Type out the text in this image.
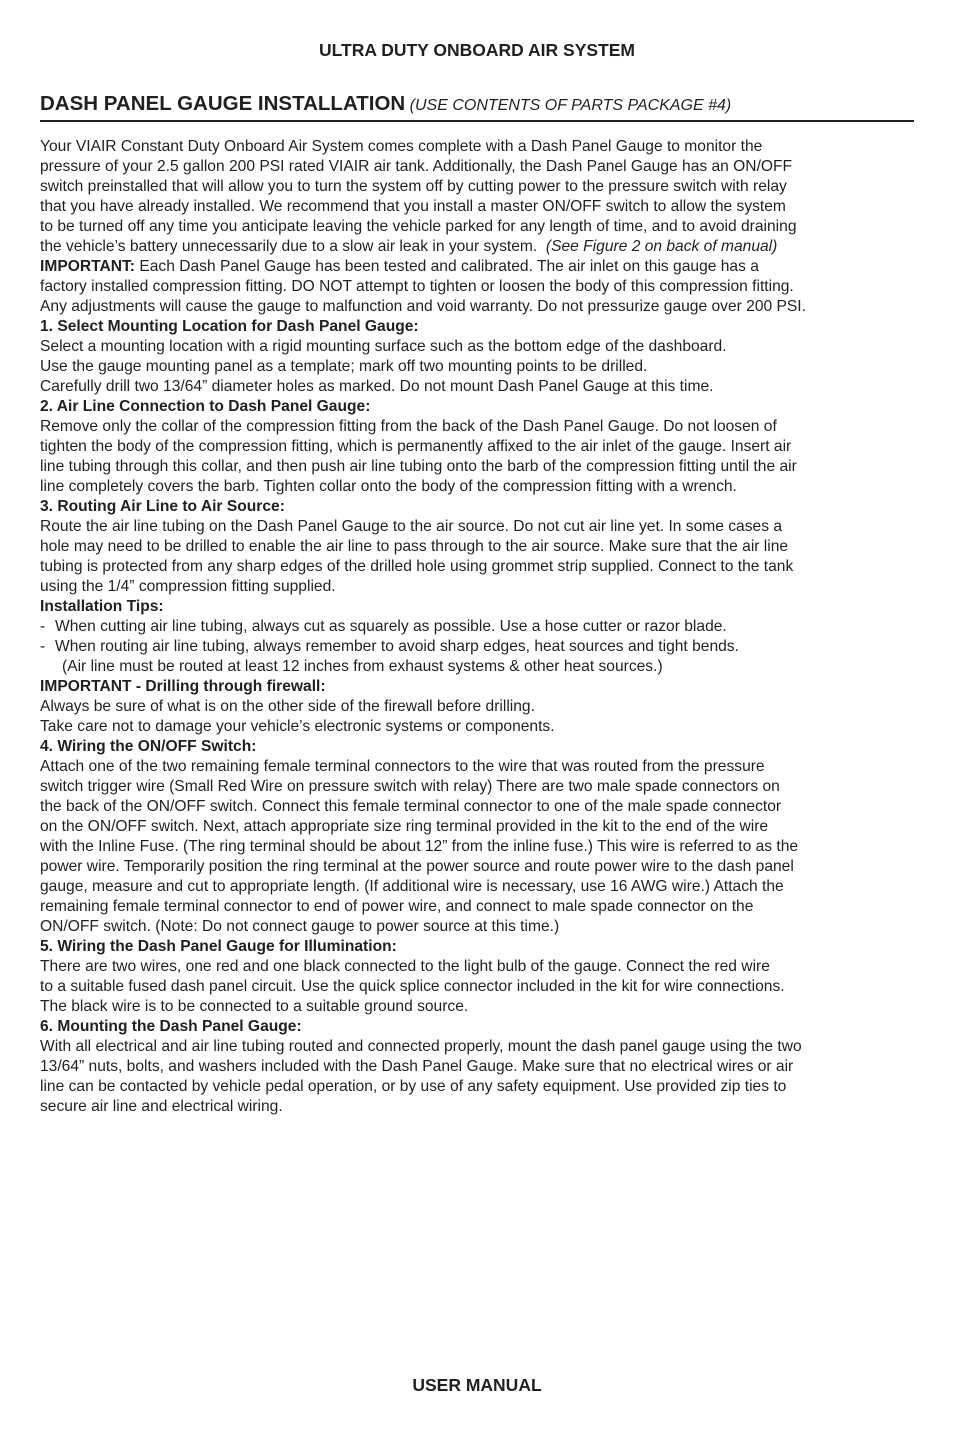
ULTRA DUTY ONBOARD AIR SYSTEM
DASH PANEL GAUGE INSTALLATION (USE CONTENTS OF PARTS PACKAGE #4)

Your VIAIR Constant Duty Onboard Air System comes complete with a Dash Panel Gauge to monitor the
pressure of your 2.5 gallon 200 PSI rated VIAIR air tank. Additionally, the Dash Panel Gauge has an ON/OFF
switch preinstalled that will allow you to turn the system off by cutting power to the pressure switch with relay
that you have already installed. We recommend that you install a master ON/OFF switch to allow the system
to be turned off any time you anticipate leaving the vehicle parked for any length of time, and to avoid draining
the vehicle’s battery unnecessarily due to a slow air leak in your system. (See Figure 2 on back of manual)

IMPORTANT: Each Dash Panel Gauge has been tested and calibrated. The air inlet on this gauge has a
factory installed compression fitting. DO NOT attempt to tighten or loosen the body of this compression fitting.
Any adjustments will cause the gauge to malfunction and void warranty. Do not pressurize gauge over 200 PSI.

1. Select Mounting Location for Dash Panel Gauge:
Select a mounting location with a rigid mounting surface such as the bottom edge of the dashboard.
Use the gauge mounting panel as a template; mark off two mounting points to be drilled.
Carefully drill two 13/64” diameter holes as marked. Do not mount Dash Panel Gauge at this time.

2. Air Line Connection to Dash Panel Gauge:
Remove only the collar of the compression fitting from the back of the Dash Panel Gauge. Do not loosen of
tighten the body of the compression fitting, which is permanently affixed to the air inlet of the gauge. Insert air
line tubing through this collar, and then push air line tubing onto the barb of the compression fitting until the air
line completely covers the barb. Tighten collar onto the body of the compression fitting with a wrench.

3. Routing Air Line to Air Source:
Route the air line tubing on the Dash Panel Gauge to the air source. Do not cut air line yet. In some cases a
hole may need to be drilled to enable the air line to pass through to the air source. Make sure that the air line
tubing is protected from any sharp edges of the drilled hole using grommet strip supplied. Connect to the tank
using the 1/4” compression fitting supplied.

Installation Tips:
- When cutting air line tubing, always cut as squarely as possible. Use a hose cutter or razor blade.
- When routing air line tubing, always remember to avoid sharp edges, heat sources and tight bends.
(Air line must be routed at least 12 inches from exhaust systems & other heat sources.)

IMPORTANT - Drilling through firewall:
Always be sure of what is on the other side of the firewall before drilling.
Take care not to damage your vehicle’s electronic systems or components.

4. Wiring the ON/OFF Switch:
Attach one of the two remaining female terminal connectors to the wire that was routed from the pressure
switch trigger wire (Small Red Wire on pressure switch with relay) There are two male spade connectors on
the back of the ON/OFF switch. Connect this female terminal connector to one of the male spade connector
on the ON/OFF switch. Next, attach appropriate size ring terminal provided in the kit to the end of the wire
with the Inline Fuse. (The ring terminal should be about 12” from the inline fuse.) This wire is referred to as the
power wire. Temporarily position the ring terminal at the power source and route power wire to the dash panel
gauge, measure and cut to appropriate length. (If additional wire is necessary, use 16 AWG wire.) Attach the
remaining female terminal connector to end of power wire, and connect to male spade connector on the
ON/OFF switch. (Note: Do not connect gauge to power source at this time.)

5. Wiring the Dash Panel Gauge for Illumination:
There are two wires, one red and one black connected to the light bulb of the gauge. Connect the red wire
to a suitable fused dash panel circuit. Use the quick splice connector included in the kit for wire connections.
The black wire is to be connected to a suitable ground source.

6. Mounting the Dash Panel Gauge:
With all electrical and air line tubing routed and connected properly, mount the dash panel gauge using the two
13/64” nuts, bolts, and washers included with the Dash Panel Gauge. Make sure that no electrical wires or air
line can be contacted by vehicle pedal operation, or by use of any safety equipment. Use provided zip ties to
secure air line and electrical wiring.

USER MANUAL
